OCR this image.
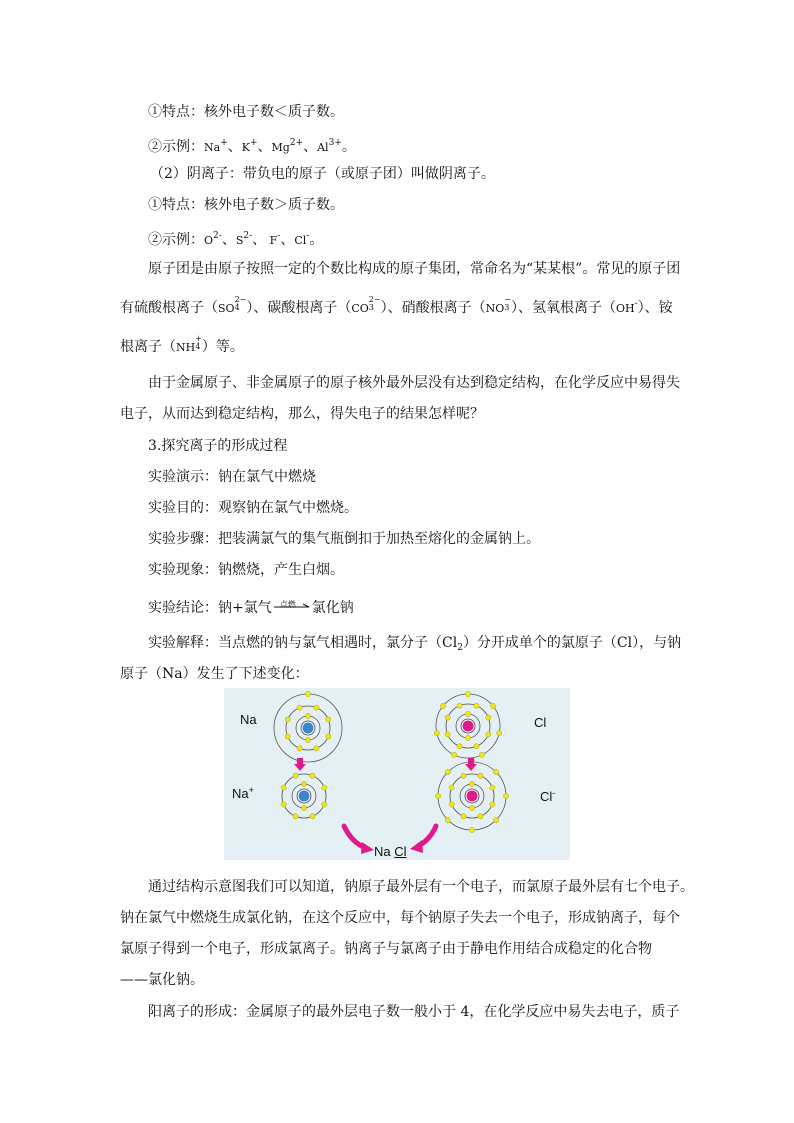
①特点：核外电子数＜质子数。
②示例：Na+、K+、$Mg^{2+}$、$Al^{3+}$。
（2）阴离子：带负电的原子（或原子团）叫做阴离子。
①特点：核外电子数＞质子数。
②示例：$O^{2-}$、$S^{2-}$、 F-、Cl-。
原子团是由原子按照一定的个数比构成的原子集团，常命名为“某某根”。常见的原子团
有硫酸根离子（SO2−
4 ）、碳酸根离子（CO2−
3 ）、硝酸根离子（NO−
3 ）、氢氧根离子（OH-）、铵
根离子（NH+
4 ）等。
由于金属原子、非金属原子的原子核外最外层没有达到稳定结构，在化学反应中易得失
电子，从而达到稳定结构，那么，得失电子的结果怎样呢？
3.探究离子的形成过程
实验演示：钠在氯气中燃烧
实验目的：观察钠在氯气中燃烧。
实验步骤：把装满氯气的集气瓶倒扣于加热至熔化的金属钠上。
实验现象：钠燃烧，产生白烟。
实验结论：钠+氯气 点燃 氯化钠
实验解释：当点燃的钠与氯气相遇时，氯分子$(Cl_2)$分开成单个的氯原子（Cl），与钠
原子（Na）发生了下述变化：
Na
Na+
Cl
Cl-
Na Cl
通过结构示意图我们可以知道，钠原子最外层有一个电子，而氯原子最外层有七个电子。
钠在氯气中燃烧生成氯化钠，在这个反应中，每个钠原子失去一个电子，形成钠离子，每个
氯原子得到一个电子，形成氯离子。钠离子与氯离子由于静电作用结合成稳定的化合物
——氯化钠。
阳离子的形成：金属原子的最外层电子数一般小于 4，在化学反应中易失去电子，质子
